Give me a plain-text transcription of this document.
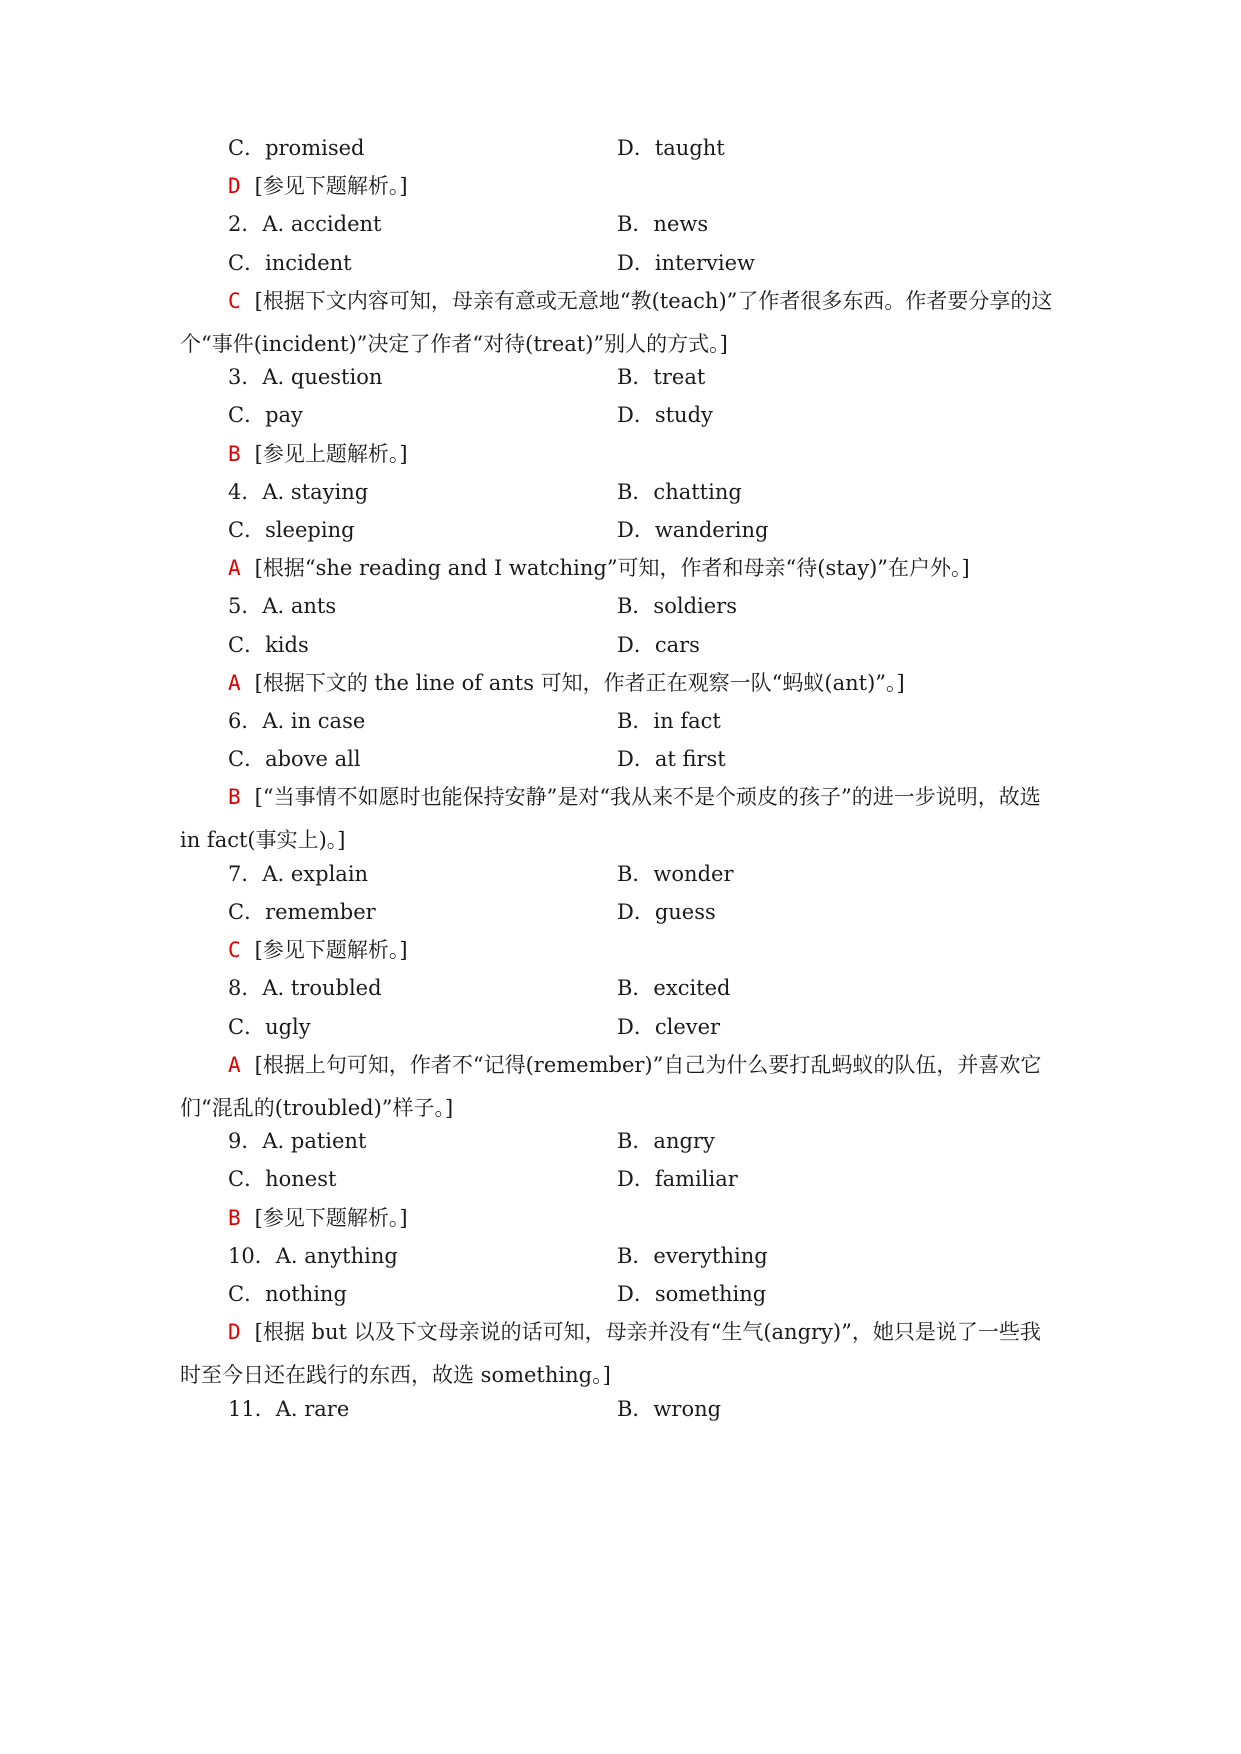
C．promised	D．taught
D [参见下题解析。]
2．A. accident	B．news
C．incident	D．interview
C [根据下文内容可知，母亲有意或无意地“教(teach)”了作者很多东西。作者要分享的这个“事件(incident)”决定了作者“对待(treat)”别人的方式。]
3．A. question	B．treat
C．pay	D．study
B [参见上题解析。]
4．A. staying	B．chatting
C．sleeping	D．wandering
A [根据“she reading and I watching”可知，作者和母亲“待(stay)”在户外。]
5．A. ants	B．soldiers
C．kids	D．cars
A [根据下文的 the line of ants 可知，作者正在观察一队“蚂蚁(ant)”。]
6．A. in case	B．in fact
C．above all	D．at first
B [“当事情不如愿时也能保持安静”是对“我从来不是个顽皮的孩子”的进一步说明，故选 in fact(事实上)。]
7．A. explain	B．wonder
C．remember	D．guess
C [参见下题解析。]
8．A. troubled	B．excited
C．ugly	D．clever
A [根据上句可知，作者不“记得(remember)”自己为什么要打乱蚂蚁的队伍，并喜欢它们“混乱的(troubled)”样子。]
9．A. patient	B．angry
C．honest	D．familiar
B [参见下题解析。]
10．A. anything	B．everything
C．nothing	D．something
D [根据 but 以及下文母亲说的话可知，母亲并没有“生气(angry)”，她只是说了一些我时至今日还在践行的东西，故选 something。]
11．A. rare	B．wrong
